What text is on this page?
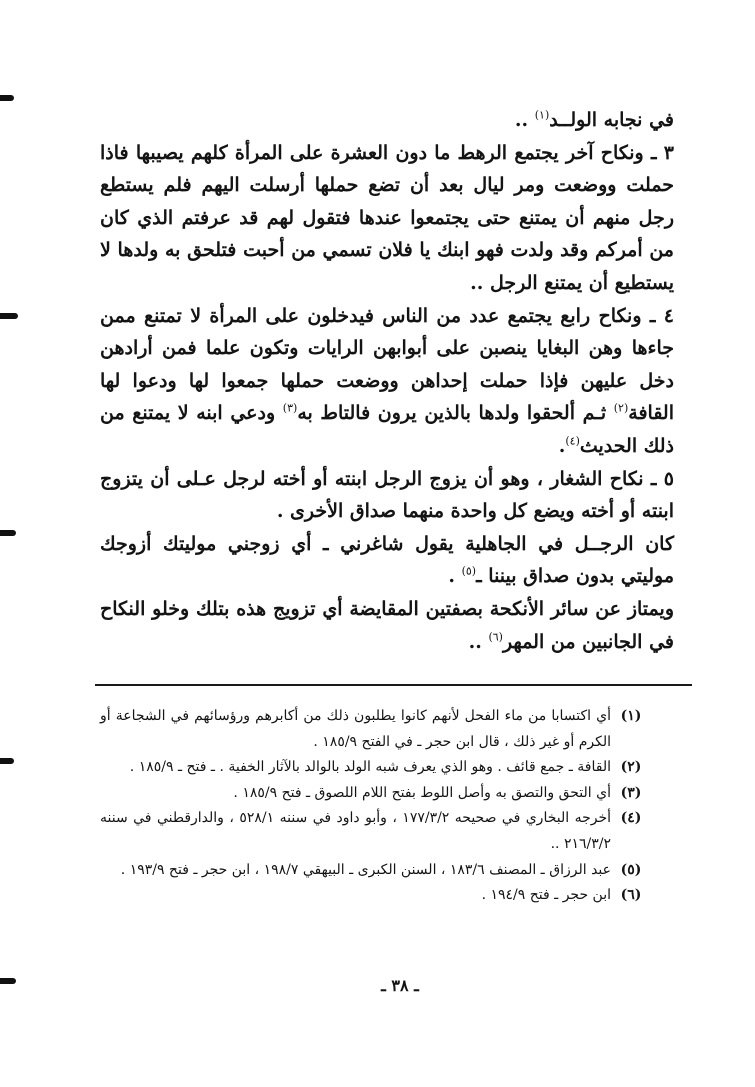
في نجابه الولــد$^{(١)}$ ..

٣ ـ ونكاح آخر يجتمع الرهط ما دون العشرة على المرأة كلهم يصيبها فاذا حملت ووضعت ومر ليال بعد أن تضع حملها أرسلت اليهم فلم يستطع رجل منهم أن يمتنع حتى يجتمعوا عندها فتقول لهم قد عرفتم الذي كان من أمركم وقد ولدت فهو ابنك يا فلان تسمي من أحبت فتلحق به ولدها لا يستطيع أن يمتنع الرجل ..

٤ ـ ونكاح رابع يجتمع عدد من الناس فيدخلون على المرأة لا تمتنع ممن جاءها وهن البغايا ينصبن على أبوابهن الرايات وتكون علما فمن أرادهن دخل عليهن فإذا حملت إحداهن ووضعت حملها جمعوا لها ودعوا لها القافة$^{(٢)}$ ثـم ألحقوا ولدها بالذين يرون فالتاط به$^{(٣)}$ ودعي ابنه لا يمتنع من ذلك الحديث$^{(٤)}$.

٥ ـ نكاح الشغار ، وهو أن يزوج الرجل ابنته أو أخته لرجل عـلى أن يتزوج ابنته أو أخته ويضع كل واحدة منهما صداق الأخرى .

كان الرجــل في الجاهلية يقول شاغرني ـ أي زوجني موليتك أزوجك موليتي بدون صداق بيننا ـ$^{(٥)}$ .

ويمتاز عن سائر الأنكحة بصفتين المقايضة أي تزويج هذه بتلك وخلو النكاح في الجانبين من المهر$^{(٦)}$ ..

(١)
أي اكتسابا من ماء الفحل لأنهم كانوا يطلبون ذلك من أكابرهم ورؤسائهم في الشجاعة أو الكرم أو غير ذلك ، قال ابن حجر ـ في الفتح ١٨٥/٩ .
(٢)
القافة ـ جمع قائف . وهو الذي يعرف شبه الولد بالوالد بالآثار الخفية . ـ فتح ـ ١٨٥/٩ .
(٣)
أي التحق والتصق به وأصل اللوط بفتح اللام اللصوق ـ فتح ١٨٥/٩ .
(٤)
أخرجه البخاري في صحيحه ١٧٧/٣/٢ ، وأبو داود في سننه ٥٢٨/١ ، والدارقطني في سننه ٢١٦/٣/٢ ..
(٥)
عبد الرزاق ـ المصنف ١٨٣/٦ ، السنن الكبرى ـ البيهقي ١٩٨/٧ ، ابن حجر ـ فتح ١٩٣/٩ .
(٦)
ابن حجر ـ فتح ١٩٤/٩ .
ـ ٣٨ ـ
